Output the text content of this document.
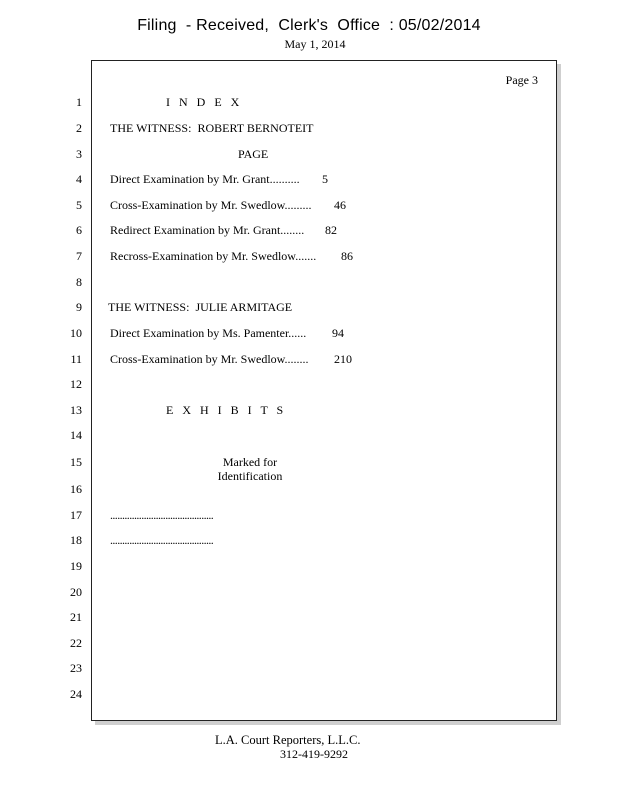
Filing  - Received,  Clerk's  Office  : 05/02/2014
May 1, 2014
Page 3
1
2
3
4
5
6
7
8
9
10
11
12
13
14
15
16
17
18
19
20
21
22
23
24
I N D E X
THE WITNESS:  ROBERT BERNOTEIT
PAGE
Direct Examination by Mr. Grant.......... 5
Cross-Examination by Mr. Swedlow......... 46
Redirect Examination by Mr. Grant........ 82
Recross-Examination by Mr. Swedlow....... 86
THE WITNESS:  JULIE ARMITAGE
Direct Examination by Ms. Pamenter...... 94
Cross-Examination by Mr. Swedlow........ 210
E X H I B I T S
Marked for
Identification
...........................................
...........................................
L.A. Court Reporters, L.L.C.
312-419-9292
